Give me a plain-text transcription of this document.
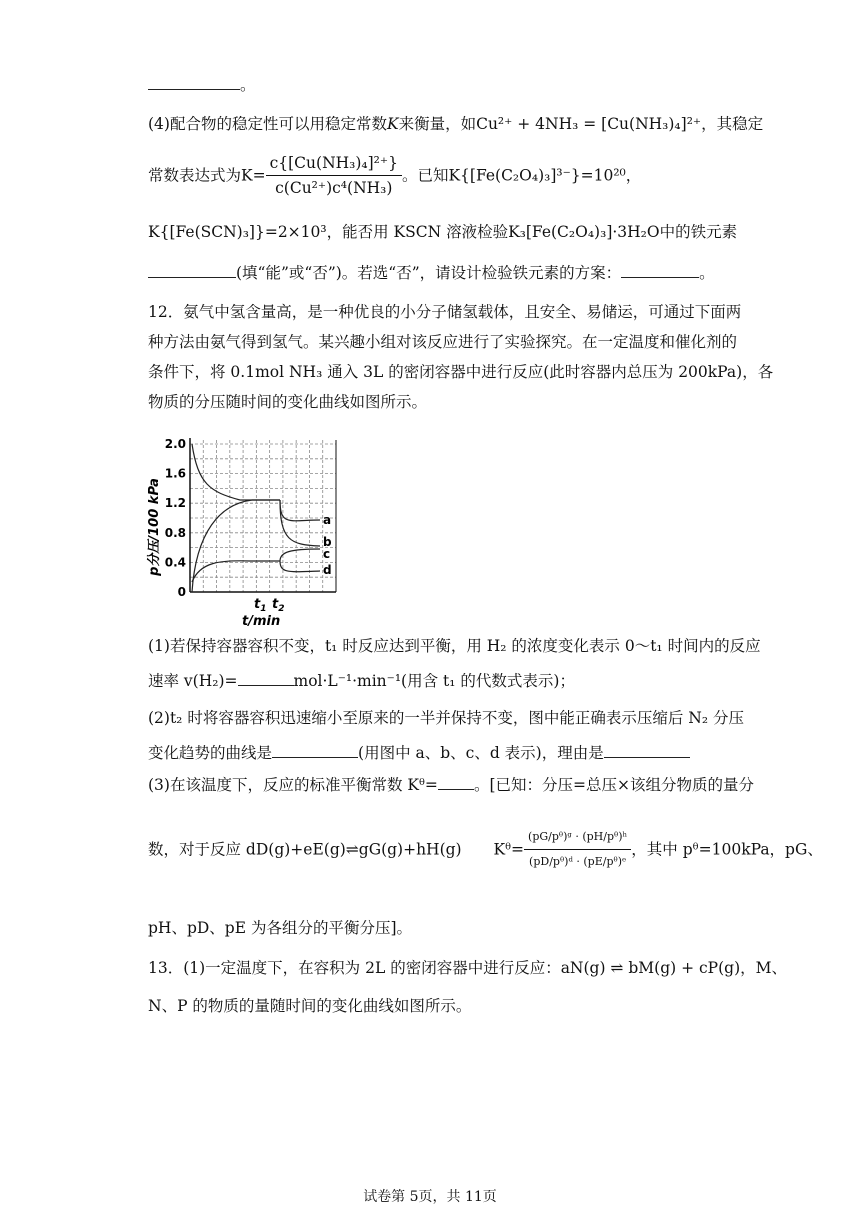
。
(4)配合物的稳定性可以用稳定常数K来衡量，如Cu²⁺ + 4NH₃ = [Cu(NH₃)₄]²⁺，其稳定
常数表达式为$K= \frac{\text{c\{[Cu(NH₃)₄]²⁺\}}}{\text{c(Cu²⁺)c⁴(NH₃)}}$ 。已知K{[Fe(C₂O₄)₃]³⁻}=10²⁰，
K{[Fe(SCN)₃]}=2×10³，能否用 KSCN 溶液检验K₃[Fe(C₂O₄)₃]·3H₂O中的铁元素
(填“能”或“否”)。若选“否”，请设计检验铁元素的方案：	。
12．氨气中氢含量高，是一种优良的小分子储氢载体，且安全、易储运，可通过下面两
种方法由氨气得到氢气。某兴趣小组对该反应进行了实验探究。在一定温度和催化剂的
条件下，将 0.1mol NH₃ 通入 3L 的密闭容器中进行反应(此时容器内总压为 200kPa)，各
物质的分压随时间的变化曲线如图所示。
p分压/100 kPa
0
0.4
0.8
1.2
1.6
2.0
a
b
c
d
$t_1$ $t_2$
t/min
(1)若保持容器容积不变，t₁ 时反应达到平衡，用 H₂ 的浓度变化表示 0～t₁ 时间内的反应
速率 v(H₂)=	mol·L⁻¹·min⁻¹(用含 t₁ 的代数式表示)；
(2)t₂ 时将容器容积迅速缩小至原来的一半并保持不变，图中能正确表示压缩后 N₂ 分压
变化趋势的曲线是	(用图中 a、b、c、d 表示)，理由是
(3)在该温度下，反应的标准平衡常数 Kᶿ= 。[已知：分压=总压×该组分物质的量分
数，对于反应 dD(g)+eE(g)⇌gG(g)+hH(g) Kᶿ= $\frac{\text{(pG/pᶿ)ᵍ · (pH/pᶿ)ʰ}}{\text{(pD/pᶿ)ᵈ · (pE/pᶿ)ᵉ}}$ ，其中 pᶿ=100kPa，pG、
pH、pD、pE 为各组分的平衡分压]。
13．(1)一定温度下，在容积为 2L 的密闭容器中进行反应：aN(g) ⇌ bM(g) + cP(g)，M、
N、P 的物质的量随时间的变化曲线如图所示。
试卷第 5页，共 11页
